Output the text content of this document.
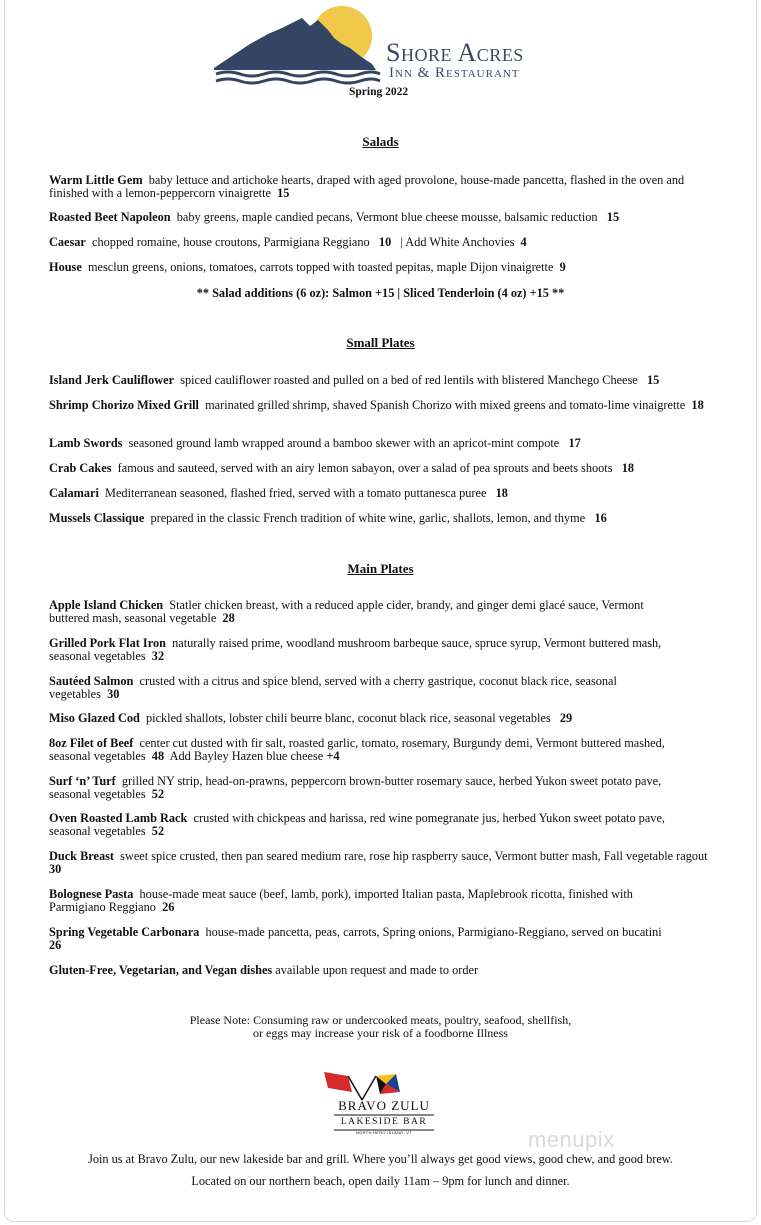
Shore Acres
Inn & Restaurant
Spring 2022
Salads
Warm Little Gem baby lettuce and artichoke hearts, draped with aged provolone, house-made pancetta, flashed in the oven and finished with a lemon-peppercorn vinaigrette 15
Roasted Beet Napoleon baby greens, maple candied pecans, Vermont blue cheese mousse, balsamic reduction 15
Caesar chopped romaine, house croutons, Parmigiana Reggiano 10 | Add White Anchovies 4
House mesclun greens, onions, tomatoes, carrots topped with toasted pepitas, maple Dijon vinaigrette 9
** Salad additions (6 oz): Salmon +15 | Sliced Tenderloin (4 oz) +15 **
Small Plates
Island Jerk Cauliflower spiced cauliflower roasted and pulled on a bed of red lentils with blistered Manchego Cheese 15
Shrimp Chorizo Mixed Grill marinated grilled shrimp, shaved Spanish Chorizo with mixed greens and tomato-lime vinaigrette 18
Lamb Swords seasoned ground lamb wrapped around a bamboo skewer with an apricot-mint compote 17
Crab Cakes famous and sauteed, served with an airy lemon sabayon, over a salad of pea sprouts and beets shoots 18
Calamari Mediterranean seasoned, flashed fried, served with a tomato puttanesca puree 18
Mussels Classique prepared in the classic French tradition of white wine, garlic, shallots, lemon, and thyme 16
Main Plates
Apple Island Chicken Statler chicken breast, with a reduced apple cider, brandy, and ginger demi glacé sauce, Vermont buttered mash, seasonal vegetable 28
Grilled Pork Flat Iron naturally raised prime, woodland mushroom barbeque sauce, spruce syrup, Vermont buttered mash, seasonal vegetables 32
Sautéed Salmon crusted with a citrus and spice blend, served with a cherry gastrique, coconut black rice, seasonal vegetables 30
Miso Glazed Cod pickled shallots, lobster chili beurre blanc, coconut black rice, seasonal vegetables 29
8oz Filet of Beef center cut dusted with fir salt, roasted garlic, tomato, rosemary, Burgundy demi, Vermont buttered mashed, seasonal vegetables 48 Add Bayley Hazen blue cheese +4
Surf ‘n’ Turf grilled NY strip, head-on-prawns, peppercorn brown-butter rosemary sauce, herbed Yukon sweet potato pave, seasonal vegetables 52
Oven Roasted Lamb Rack crusted with chickpeas and harissa, red wine pomegranate jus, herbed Yukon sweet potato pave, seasonal vegetables 52
Duck Breast sweet spice crusted, then pan seared medium rare, rose hip raspberry sauce, Vermont butter mash, Fall vegetable ragout  30
Bolognese Pasta house-made meat sauce (beef, lamb, pork), imported Italian pasta, Maplebrook ricotta, finished with Parmigiano Reggiano 26
Spring Vegetable Carbonara house-made pancetta, peas, carrots, Spring onions, Parmigiano-Reggiano, served on bucatini  26
Gluten-Free, Vegetarian, and Vegan dishes available upon request and made to order
Please Note: Consuming raw or undercooked meats, poultry, seafood, shellfish,
or eggs may increase your risk of a foodborne Illness
BRAVO ZULU
LAKESIDE BAR
NORTH HERO ISLAND, VT	menupix
Join us at Bravo Zulu, our new lakeside bar and grill. Where you’ll always get good views, good chew, and good brew.
Located on our northern beach, open daily 11am – 9pm for lunch and dinner.
